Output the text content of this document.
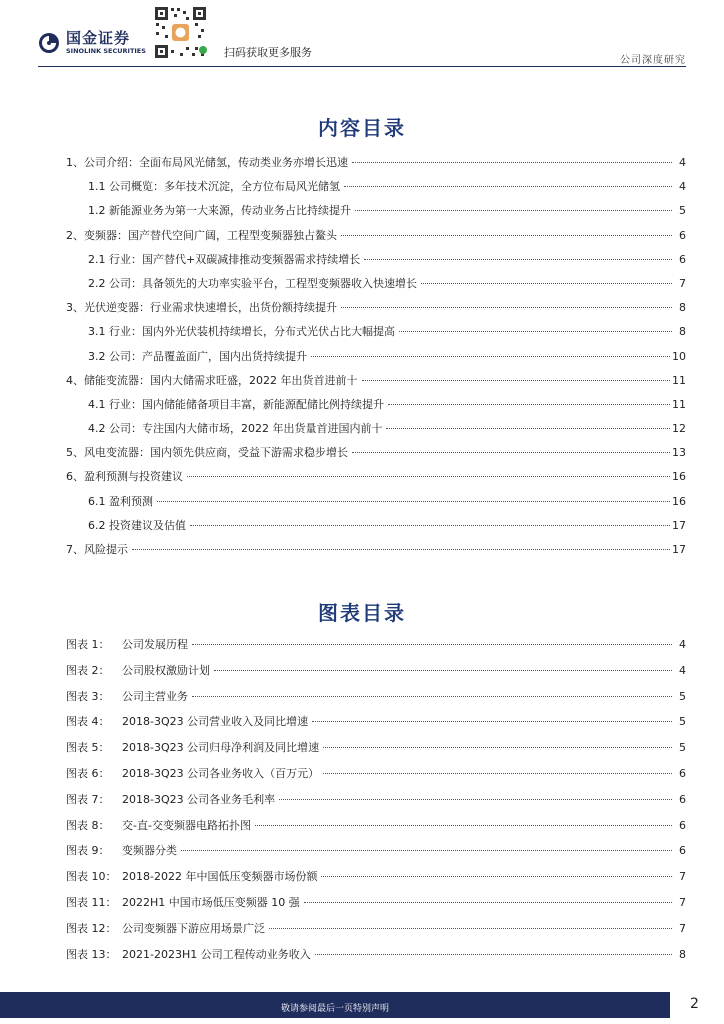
国金证券
SINOLINK SECURITIES	扫码获取更多服务
公司深度研究
内容目录
1、公司介绍：全面布局风光储氢，传动类业务亦增长迅速	4
1.1 公司概览：多年技术沉淀，全方位布局风光储氢	4
1.2 新能源业务为第一大来源，传动业务占比持续提升	5
2、变频器：国产替代空间广阔，工程型变频器独占鳌头	6
2.1 行业：国产替代+双碳减排推动变频器需求持续增长	6
2.2 公司：具备领先的大功率实验平台，工程型变频器收入快速增长	7
3、光伏逆变器：行业需求快速增长，出货份额持续提升	8
3.1 行业：国内外光伏装机持续增长，分布式光伏占比大幅提高	8
3.2 公司：产品覆盖面广，国内出货持续提升	10
4、储能变流器：国内大储需求旺盛，2022 年出货首进前十	11
4.1 行业：国内储能储备项目丰富，新能源配储比例持续提升	11
4.2 公司：专注国内大储市场，2022 年出货量首进国内前十	12
5、风电变流器：国内领先供应商，受益下游需求稳步增长	13
6、盈利预测与投资建议	16
6.1 盈利预测	16
6.2 投资建议及估值	17
7、风险提示	17
图表目录
图表 1：	公司发展历程	4
图表 2：	公司股权激励计划	4
图表 3：	公司主营业务	5
图表 4：	2018-3Q23 公司营业收入及同比增速	5
图表 5：	2018-3Q23 公司归母净利润及同比增速	5
图表 6：	2018-3Q23 公司各业务收入（百万元）	6
图表 7：	2018-3Q23 公司各业务毛利率	6
图表 8：	交-直-交变频器电路拓扑图	6
图表 9：	变频器分类	6
图表 10： 2018-2022 年中国低压变频器市场份额	7
图表 11： 2022H1 中国市场低压变频器 10 强	7
图表 12： 公司变频器下游应用场景广泛	7
图表 13： 2021-2023H1 公司工程传动业务收入	8
敬请参阅最后一页特别声明	2
